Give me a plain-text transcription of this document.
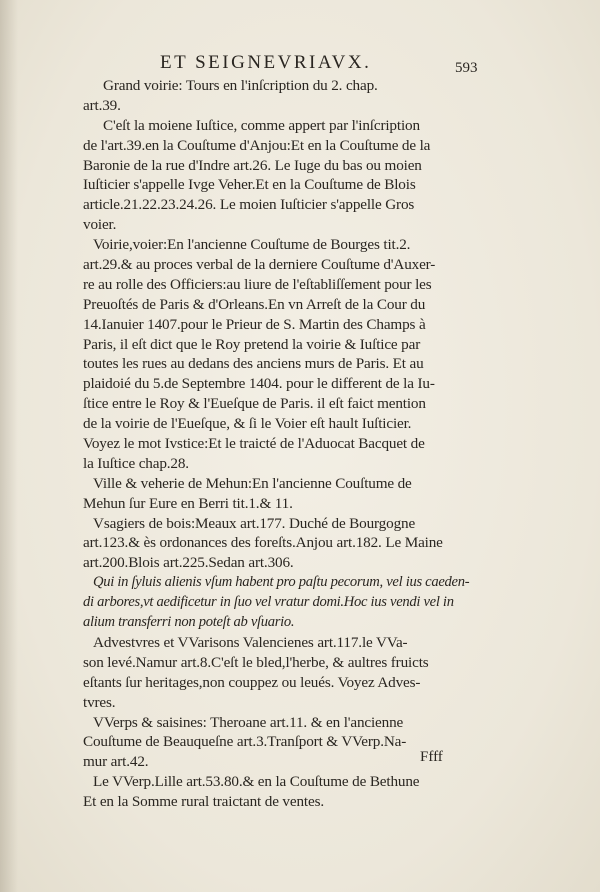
ET SEIGNEVRIAVX.	593
Grand voirie: Tours en l'inſcription du 2. chap.
art.39.
C'eſt la moiene Iuſtice, comme appert par l'inſcription
de l'art.39.en la Couſtume d'Anjou:Et en la Couſtume de la
Baronie de la rue d'Indre art.26. Le Iuge du bas ou moien
Iuſticier s'appelle Ivge Veher.Et en la Couſtume de Blois
article.21.22.23.24.26. Le moien Iuſticier s'appelle Gros
voier.
Voirie,voier:En l'ancienne Couſtume de Bourges tit.2.
art.29.& au proces verbal de la derniere Couſtume d'Auxer-
re au rolle des Officiers:au liure de l'eſtabliſſement pour les
Preuoſtés de Paris & d'Orleans.En vn Arreſt de la Cour du
14.Ianuier 1407.pour le Prieur de S. Martin des Champs à
Paris, il eſt dict que le Roy pretend la voirie & Iuſtice par
toutes les rues au dedans des anciens murs de Paris. Et au
plaidoié du 5.de Septembre 1404. pour le different de la Iu-
ſtice entre le Roy & l'Eueſque de Paris. il eſt faict mention
de la voirie de l'Eueſque, & ſi le Voier eſt hault Iuſticier.
Voyez le mot Ivstice:Et le traicté de l'Aduocat Bacquet de
la Iuſtice chap.28.
Ville & veherie de Mehun:En l'ancienne Couſtume de
Mehun ſur Eure en Berri tit.1.& 11.
Vsagiers de bois:Meaux art.177. Duché de Bourgogne
art.123.& ès ordonances des foreſts.Anjou art.182. Le Maine
art.200.Blois art.225.Sedan art.306.
Qui in ſyluis alienis vſum habent pro paſtu pecorum, vel ius caeden-
di arbores,vt aedificetur in ſuo vel vratur domi.Hoc ius vendi vel in
alium transferri non poteſt ab vſuario.
Advestvres et VVarisons Valencienes art.117.le VVa-
son levé.Namur art.8.C'eſt le bled,l'herbe, & aultres fruicts
eſtants ſur heritages,non couppez ou leués. Voyez Adves-
tvres.
VVerps & saisines: Theroane art.11. & en l'ancienne
Couſtume de Beauqueſne art.3.Tranſport & VVerp.Na-
mur art.42.
Le VVerp.Lille art.53.80.& en la Couſtume de Bethune
Et en la Somme rural traictant de ventes.
Ffff
